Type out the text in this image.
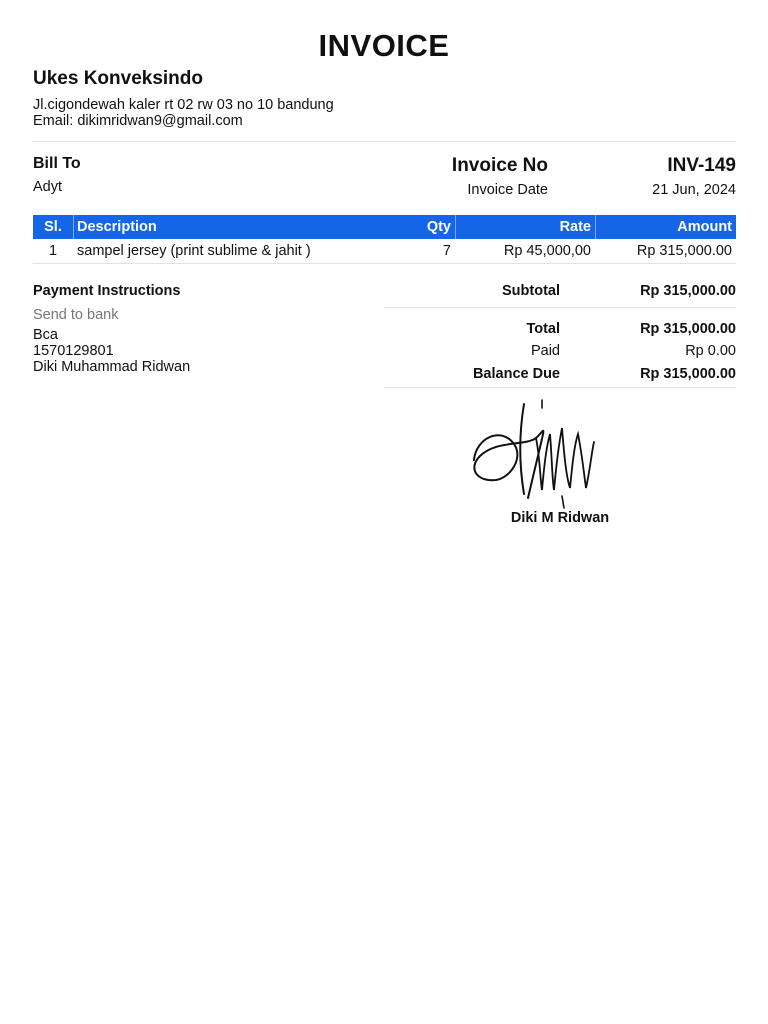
INVOICE
Ukes Konveksindo
Jl.cigondewah kaler rt 02 rw 03 no 10 bandung
Email: dikimridwan9@gmail.com
Bill To
Adyt
Invoice No	INV-149
Invoice Date	21 Jun, 2024
Sl.	Description	Qty	Rate	Amount
1	sampel jersey (print sublime & jahit )	7	Rp 45,000,00	Rp 315,000.00
Payment Instructions
Send to bank
Bca
1570129801
Diki Muhammad Ridwan
Subtotal	Rp 315,000.00
Total	Rp 315,000.00
Paid	Rp 0.00
Balance Due	Rp 315,000.00
Diki M Ridwan
